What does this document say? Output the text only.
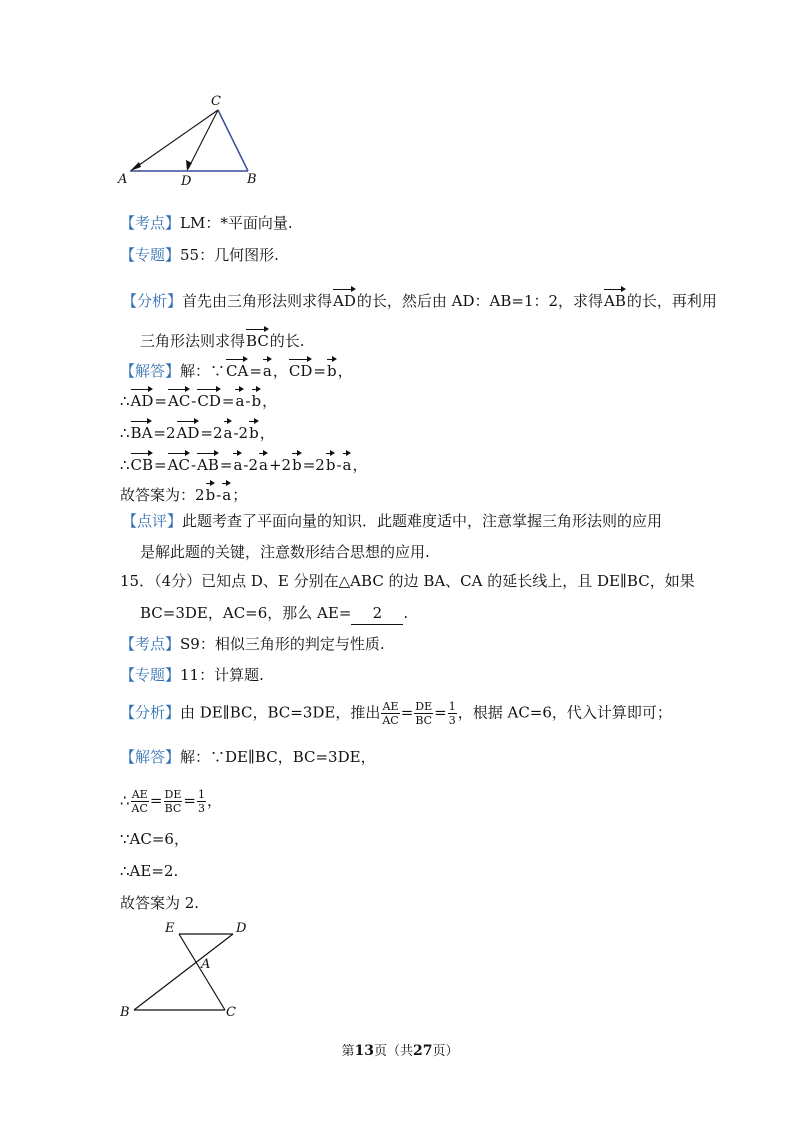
C
A	D	B
【考点】LM：*平面向量.
【专题】55：几何图形.
【分析】首先由三角形法则求得AD的长，然后由 AD：AB=1：2，求得AB的长，再利用
三角形法则求得BC的长.
【解答】解：∵CA=a，CD=b，
∴AD=AC-CD=a-b，
∴BA=2AD=2a-2b，
∴CB=AC-AB=a-2a+2b=2b-a，
故答案为：2b-a；
【点评】此题考查了平面向量的知识．此题难度适中，注意掌握三角形法则的应用
是解此题的关键，注意数形结合思想的应用.
15．（4分）已知点 D、E 分别在△ABC 的边 BA、CA 的延长线上，且 DE∥BC，如果
BC=3DE，AC=6，那么 AE= 2 .
【考点】S9：相似三角形的判定与性质.
【专题】11：计算题.
【分析】由 DE∥BC，BC=3DE，推出 $\frac{AE}{AC} = \frac{DE}{BC} = \frac{1}{3}$ ，根据 AC=6，代入计算即可；
【解答】解：∵DE∥BC，BC=3DE，
∴ $\frac{AE}{AC} = \frac{DE}{BC} = \frac{1}{3}$ ，
∵AC=6，
∴AE=2.
故答案为 2.
E	D
A
B	C
第13页（共27页）
